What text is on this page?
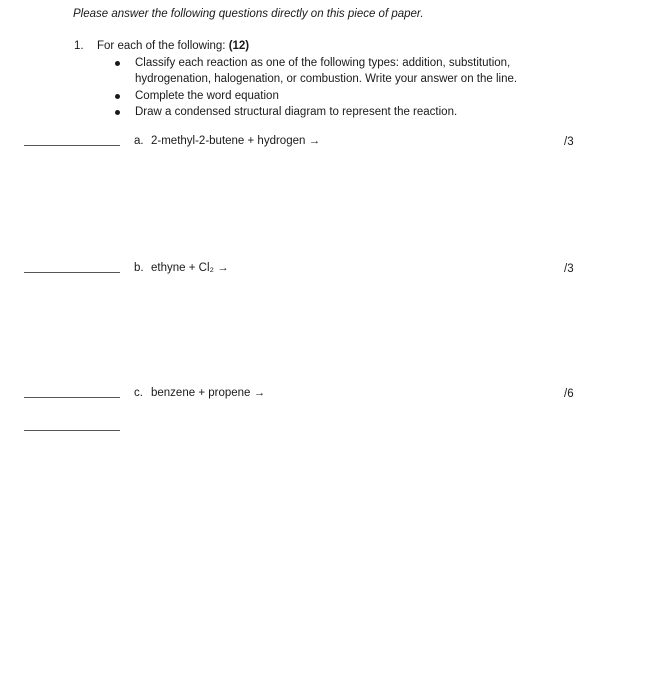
Please answer the following questions directly on this piece of paper.
1. For each of the following: (12)
Classify each reaction as one of the following types: addition, substitution, hydrogenation, halogenation, or combustion. Write your answer on the line.
Complete the word equation
Draw a condensed structural diagram to represent the reaction.
a. 2-methyl-2-butene + hydrogen →	/3
b. ethyne + Cl₂ →	/3
c. benzene + propene →	/6
